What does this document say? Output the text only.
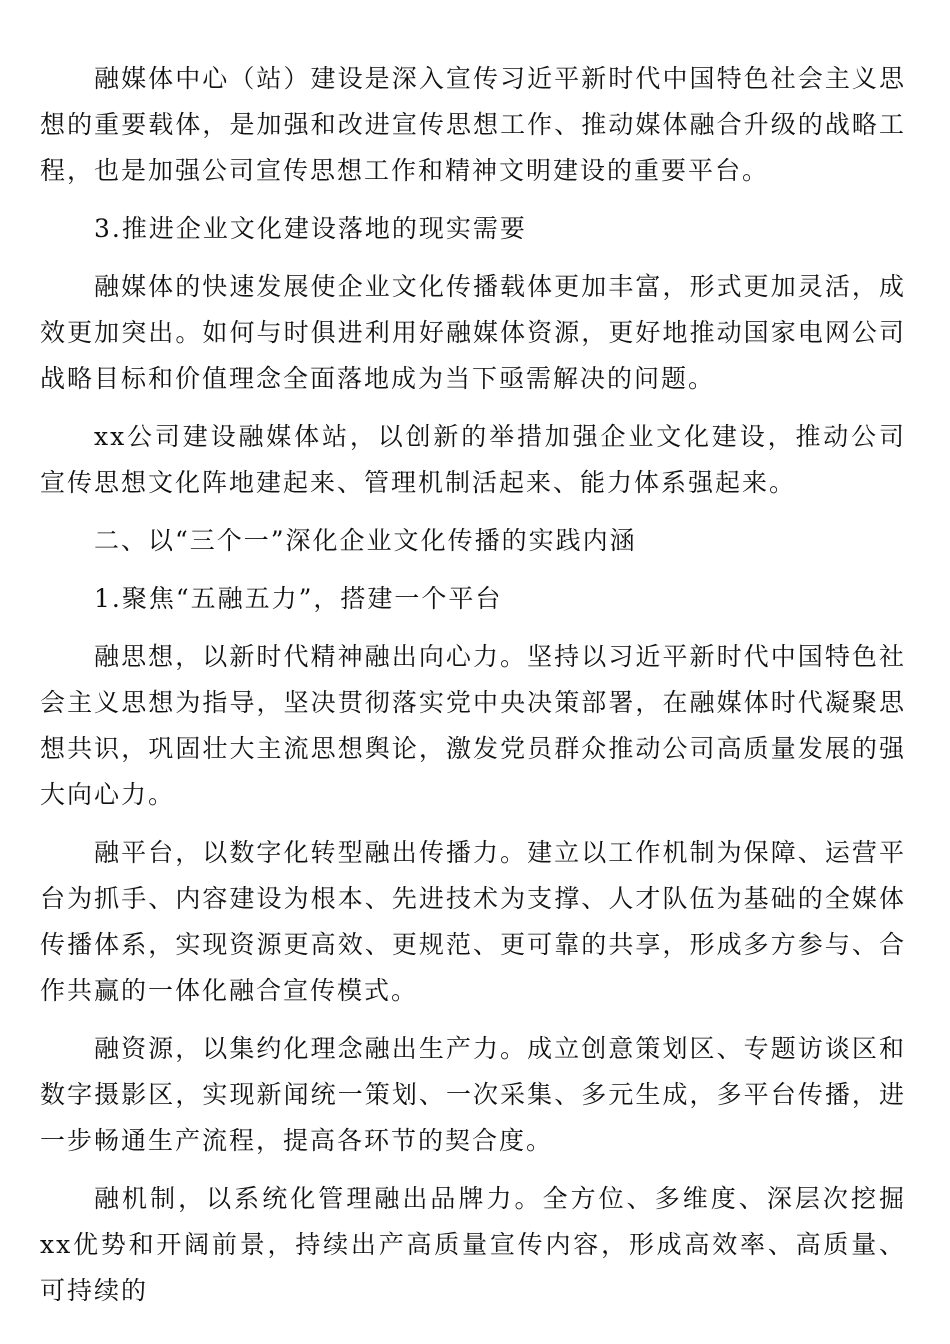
融媒体中心（站）建设是深入宣传习近平新时代中国特色社会主义思想的重要载体，是加强和改进宣传思想工作、推动媒体融合升级的战略工程，也是加强公司宣传思想工作和精神文明建设的重要平台。

3.推进企业文化建设落地的现实需要

融媒体的快速发展使企业文化传播载体更加丰富，形式更加灵活，成效更加突出。如何与时俱进利用好融媒体资源，更好地推动国家电网公司战略目标和价值理念全面落地成为当下亟需解决的问题。

xx公司建设融媒体站，以创新的举措加强企业文化建设，推动公司宣传思想文化阵地建起来、管理机制活起来、能力体系强起来。

二、以“三个一”深化企业文化传播的实践内涵

1.聚焦“五融五力”，搭建一个平台

融思想，以新时代精神融出向心力。坚持以习近平新时代中国特色社会主义思想为指导，坚决贯彻落实党中央决策部署，在融媒体时代凝聚思想共识，巩固壮大主流思想舆论，激发党员群众推动公司高质量发展的强大向心力。

融平台，以数字化转型融出传播力。建立以工作机制为保障、运营平台为抓手、内容建设为根本、先进技术为支撑、人才队伍为基础的全媒体传播体系，实现资源更高效、更规范、更可靠的共享，形成多方参与、合作共赢的一体化融合宣传模式。

融资源，以集约化理念融出生产力。成立创意策划区、专题访谈区和数字摄影区，实现新闻统一策划、一次采集、多元生成，多平台传播，进一步畅通生产流程，提高各环节的契合度。

融机制，以系统化管理融出品牌力。全方位、多维度、深层次挖掘xx优势和开阔前景，持续出产高质量宣传内容，形成高效率、高质量、可持续的
